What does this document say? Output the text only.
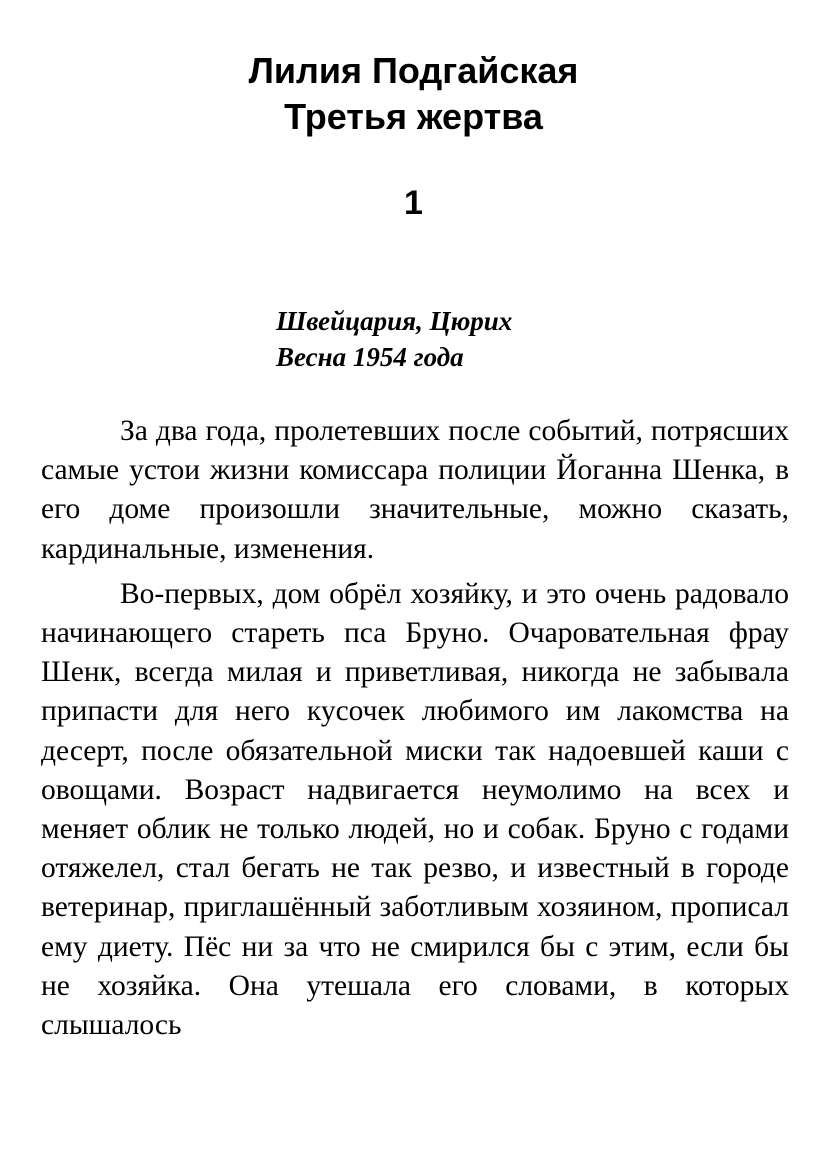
Лилия Подгайская
Третья жертва
1
Швейцария, Цюрих
Весна 1954 года

За два года, пролетевших после событий, потрясших самые устои жизни комиссара полиции Йоганна Шенка, в его доме произошли значительные, можно сказать, кардинальные, изменения.

Во-первых, дом обрёл хозяйку, и это очень радовало начинающего стареть пса Бруно. Очаровательная фрау Шенк, всегда милая и приветливая, никогда не забывала припасти для него кусочек любимого им лакомства на десерт, после обязательной миски так надоевшей каши с овощами. Возраст надвигается неумолимо на всех и меняет облик не только людей, но и собак. Бруно с годами отяжелел, стал бегать не так резво, и известный в городе ветеринар, приглашённый заботливым хозяином, прописал ему диету. Пёс ни за что не смирился бы с этим, если бы не хозяйка. Она утешала его словами, в которых слышалось
